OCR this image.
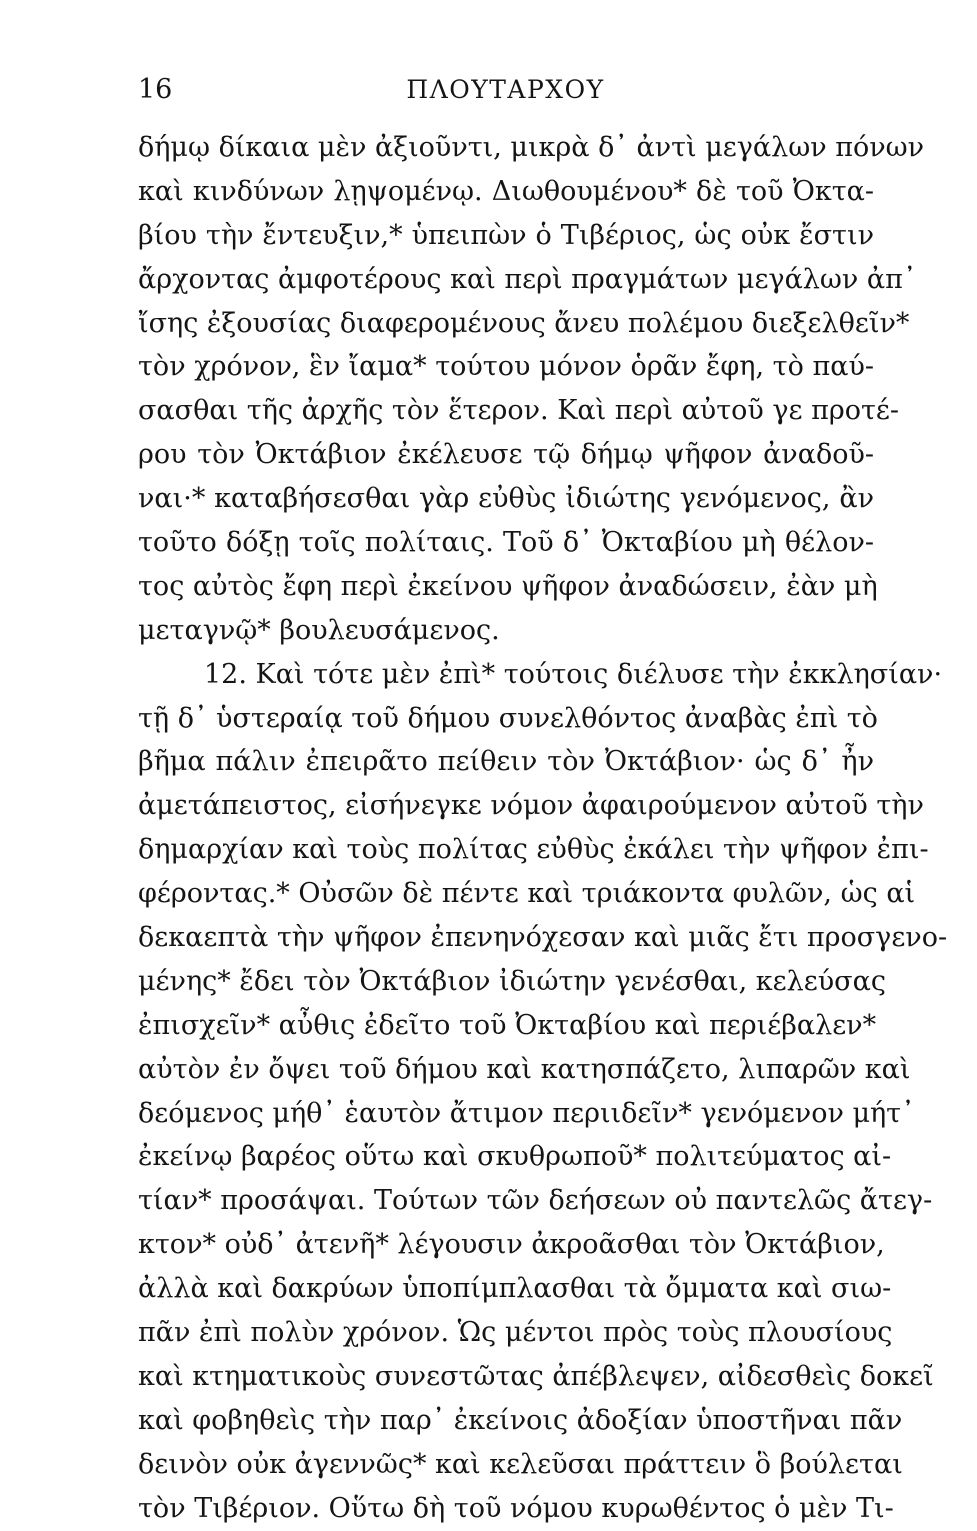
16	ΠΛΟΥΤΑΡΧΟΥ
δήμῳ δίκαια μὲν ἀξιοῦντι, μικρὰ δ᾽ ἀντὶ μεγάλων πόνων
καὶ κινδύνων λῃψομένῳ. Διωθουμένου* δὲ τοῦ Ὀκτα-
βίου τὴν ἔντευξιν,* ὑπειπὼν ὁ Τιβέριος, ὡς οὐκ ἔστιν
ἄρχοντας ἀμφοτέρους καὶ περὶ πραγμάτων μεγάλων ἀπ᾽
ἴσης ἐξουσίας διαφερομένους ἄνευ πολέμου διεξελθεῖν*
τὸν χρόνον, ἓν ἴαμα* τούτου μόνον ὁρᾶν ἔφη, τὸ παύ-
σασθαι τῆς ἀρχῆς τὸν ἕτερον. Καὶ περὶ αὐτοῦ γε προτέ-
ρου τὸν Ὀκτάβιον ἐκέλευσε τῷ δήμῳ ψῆφον ἀναδοῦ-
ναι·* καταβήσεσθαι γὰρ εὐθὺς ἰδιώτης γενόμενος, ἂν
τοῦτο δόξῃ τοῖς πολίταις. Τοῦ δ᾽ Ὀκταβίου μὴ θέλον-
τος αὐτὸς ἔφη περὶ ἐκείνου ψῆφον ἀναδώσειν, ἐὰν μὴ
μεταγνῷ* βουλευσάμενος.
12. Καὶ τότε μὲν ἐπὶ* τούτοις διέλυσε τὴν ἐκκλησίαν·
τῇ δ᾽ ὑστεραίᾳ τοῦ δήμου συνελθόντος ἀναβὰς ἐπὶ τὸ
βῆμα πάλιν ἐπειρᾶτο πείθειν τὸν Ὀκτάβιον· ὡς δ᾽ ἦν
ἀμετάπειστος, εἰσήνεγκε νόμον ἀφαιρούμενον αὐτοῦ τὴν
δημαρχίαν καὶ τοὺς πολίτας εὐθὺς ἐκάλει τὴν ψῆφον ἐπι-
φέροντας.* Οὐσῶν δὲ πέντε καὶ τριάκοντα φυλῶν, ὡς αἱ
δεκαεπτὰ τὴν ψῆφον ἐπενηνόχεσαν καὶ μιᾶς ἔτι προσγενο-
μένης* ἔδει τὸν Ὀκτάβιον ἰδιώτην γενέσθαι, κελεύσας
ἐπισχεῖν* αὖθις ἐδεῖτο τοῦ Ὀκταβίου καὶ περιέβαλεν*
αὐτὸν ἐν ὄψει τοῦ δήμου καὶ κατησπάζετο, λιπαρῶν καὶ
δεόμενος μήθ᾽ ἑαυτὸν ἄτιμον περιιδεῖν* γενόμενον μήτ᾽
ἐκείνῳ βαρέος οὕτω καὶ σκυθρωποῦ* πολιτεύματος αἰ-
τίαν* προσάψαι. Τούτων τῶν δεήσεων οὐ παντελῶς ἄτεγ-
κτον* οὐδ᾽ ἀτενῆ* λέγουσιν ἀκροᾶσθαι τὸν Ὀκτάβιον,
ἀλλὰ καὶ δακρύων ὑποπίμπλασθαι τὰ ὄμματα καὶ σιω-
πᾶν ἐπὶ πολὺν χρόνον. Ὡς μέντοι πρὸς τοὺς πλουσίους
καὶ κτηματικοὺς συνεστῶτας ἀπέβλεψεν, αἰδεσθεὶς δοκεῖ
καὶ φοβηθεὶς τὴν παρ᾽ ἐκείνοις ἀδοξίαν ὑποστῆναι πᾶν
δεινὸν οὐκ ἀγεννῶς* καὶ κελεῦσαι πράττειν ὃ βούλεται
τὸν Τιβέριον. Οὕτω δὴ τοῦ νόμου κυρωθέντος ὁ μὲν Τι-
